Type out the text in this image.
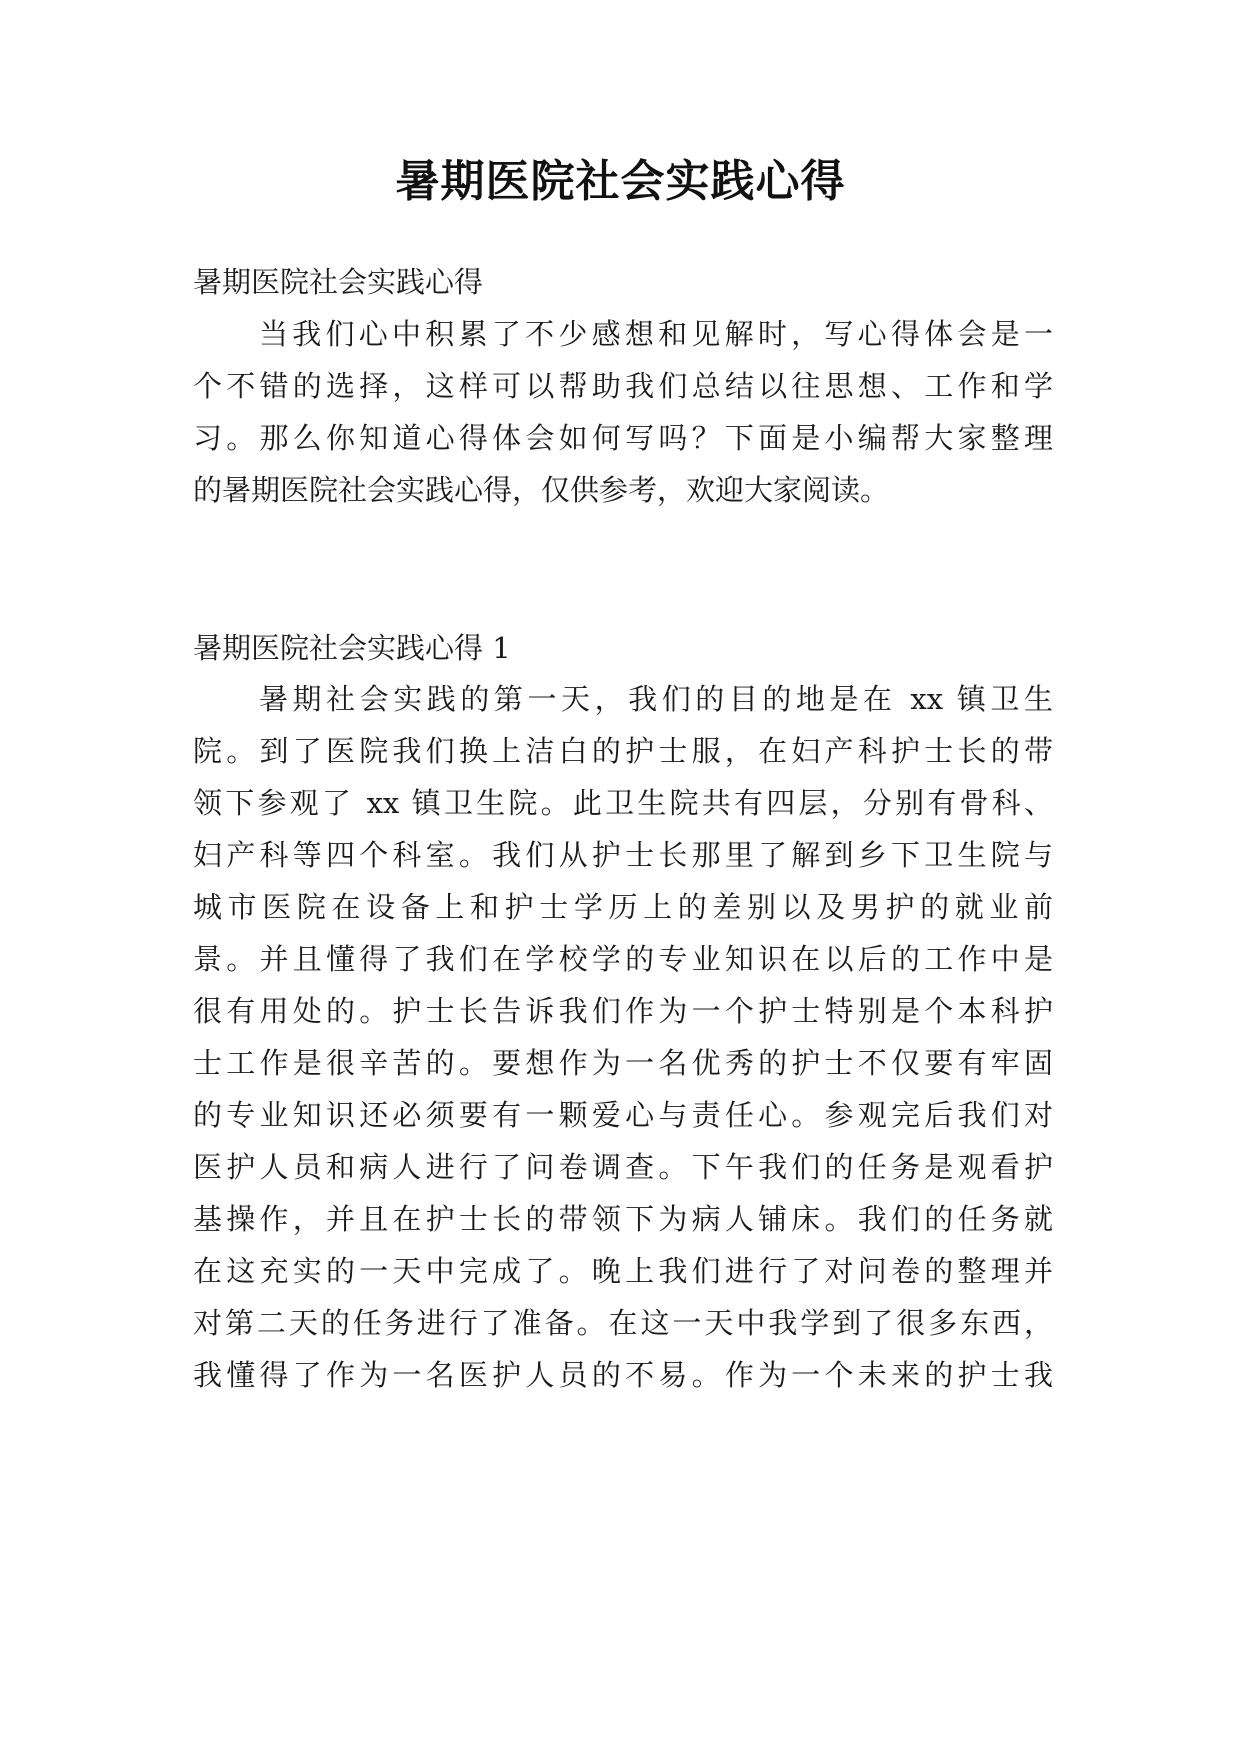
暑期医院社会实践心得
暑期医院社会实践心得
当我们心中积累了不少感想和见解时，写心得体会是一
个不错的选择，这样可以帮助我们总结以往思想、工作和学
习。那么你知道心得体会如何写吗？下面是小编帮大家整理
的暑期医院社会实践心得，仅供参考，欢迎大家阅读。
暑期医院社会实践心得 1
暑期社会实践的第一天，我们的目的地是在 xx 镇卫生
院。到了医院我们换上洁白的护士服，在妇产科护士长的带
领下参观了 xx 镇卫生院。此卫生院共有四层，分别有骨科、
妇产科等四个科室。我们从护士长那里了解到乡下卫生院与
城市医院在设备上和护士学历上的差别以及男护的就业前
景。并且懂得了我们在学校学的专业知识在以后的工作中是
很有用处的。护士长告诉我们作为一个护士特别是个本科护
士工作是很辛苦的。要想作为一名优秀的护士不仅要有牢固
的专业知识还必须要有一颗爱心与责任心。参观完后我们对
医护人员和病人进行了问卷调查。下午我们的任务是观看护
基操作，并且在护士长的带领下为病人铺床。我们的任务就
在这充实的一天中完成了。晚上我们进行了对问卷的整理并
对第二天的任务进行了准备。在这一天中我学到了很多东西，
我懂得了作为一名医护人员的不易。作为一个未来的护士我
